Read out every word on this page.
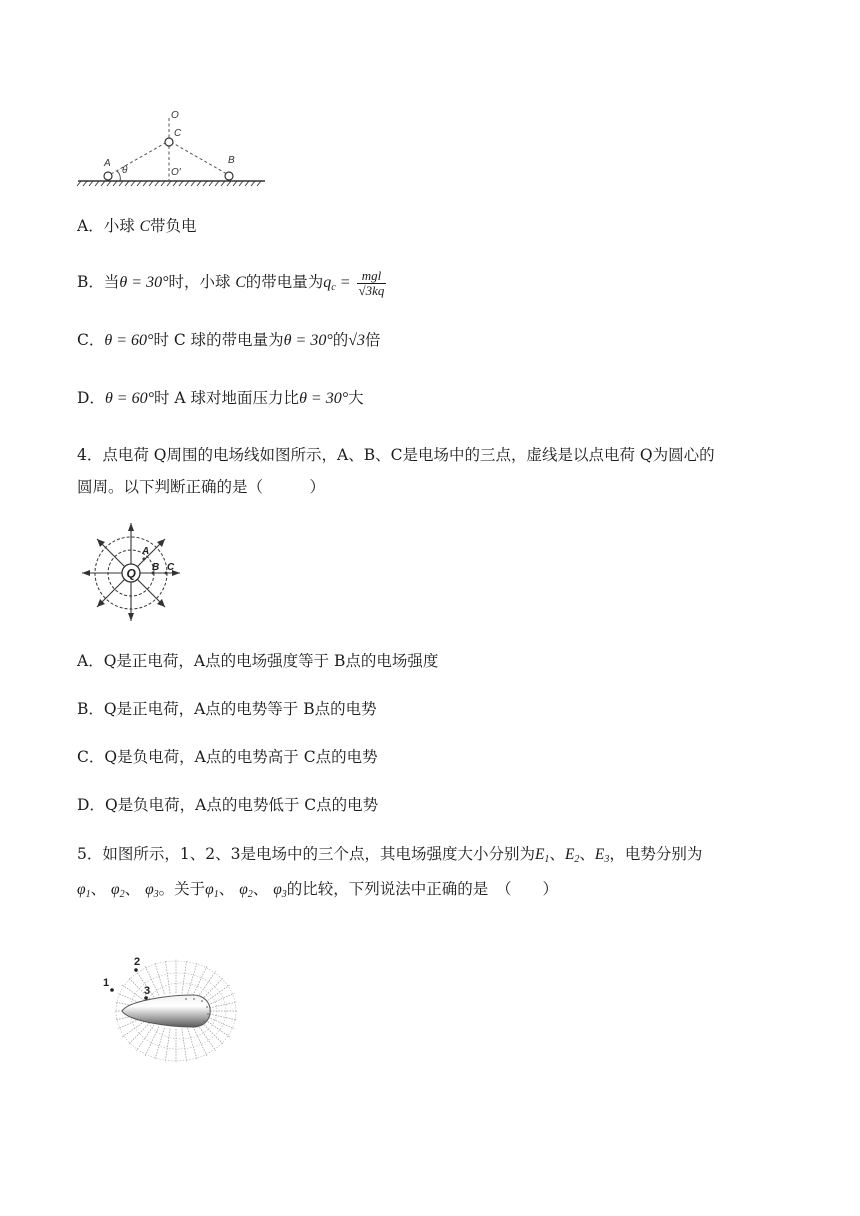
O
C
A	B
O′
θ
A．小球 C带负电
B．当θ = 30°时，小球 C的带电量为$q_c = \frac{\text{mgl}}{√3kq}$
C．θ = 60°时 C 球的带电量为θ = 30°的√3倍
D．θ = 60°时 A 球对地面压力比θ = 30°大
4．点电荷 Q周围的电场线如图所示，A、B、C是电场中的三点，虚线是以点电荷 Q为圆心的
圆周。以下判断正确的是（　　　）
Q
A
B C
A．Q是正电荷，A点的电场强度等于 B点的电场强度
B．Q是正电荷，A点的电势等于 B点的电势
C．Q是负电荷，A点的电势高于 C点的电势
D．Q是负电荷，A点的电势低于 C点的电势
5．如图所示，1、2、3是电场中的三个点，其电场强度大小分别为$E_1$、$E_2$、$E_3$，电势分别为
$\varphi_1$、 $\varphi_2$、 $\varphi_3$。关于$\varphi_1$、 $\varphi_2$、 $\varphi_3$的比较，下列说法中正确的是　（　　）
1
2
3
